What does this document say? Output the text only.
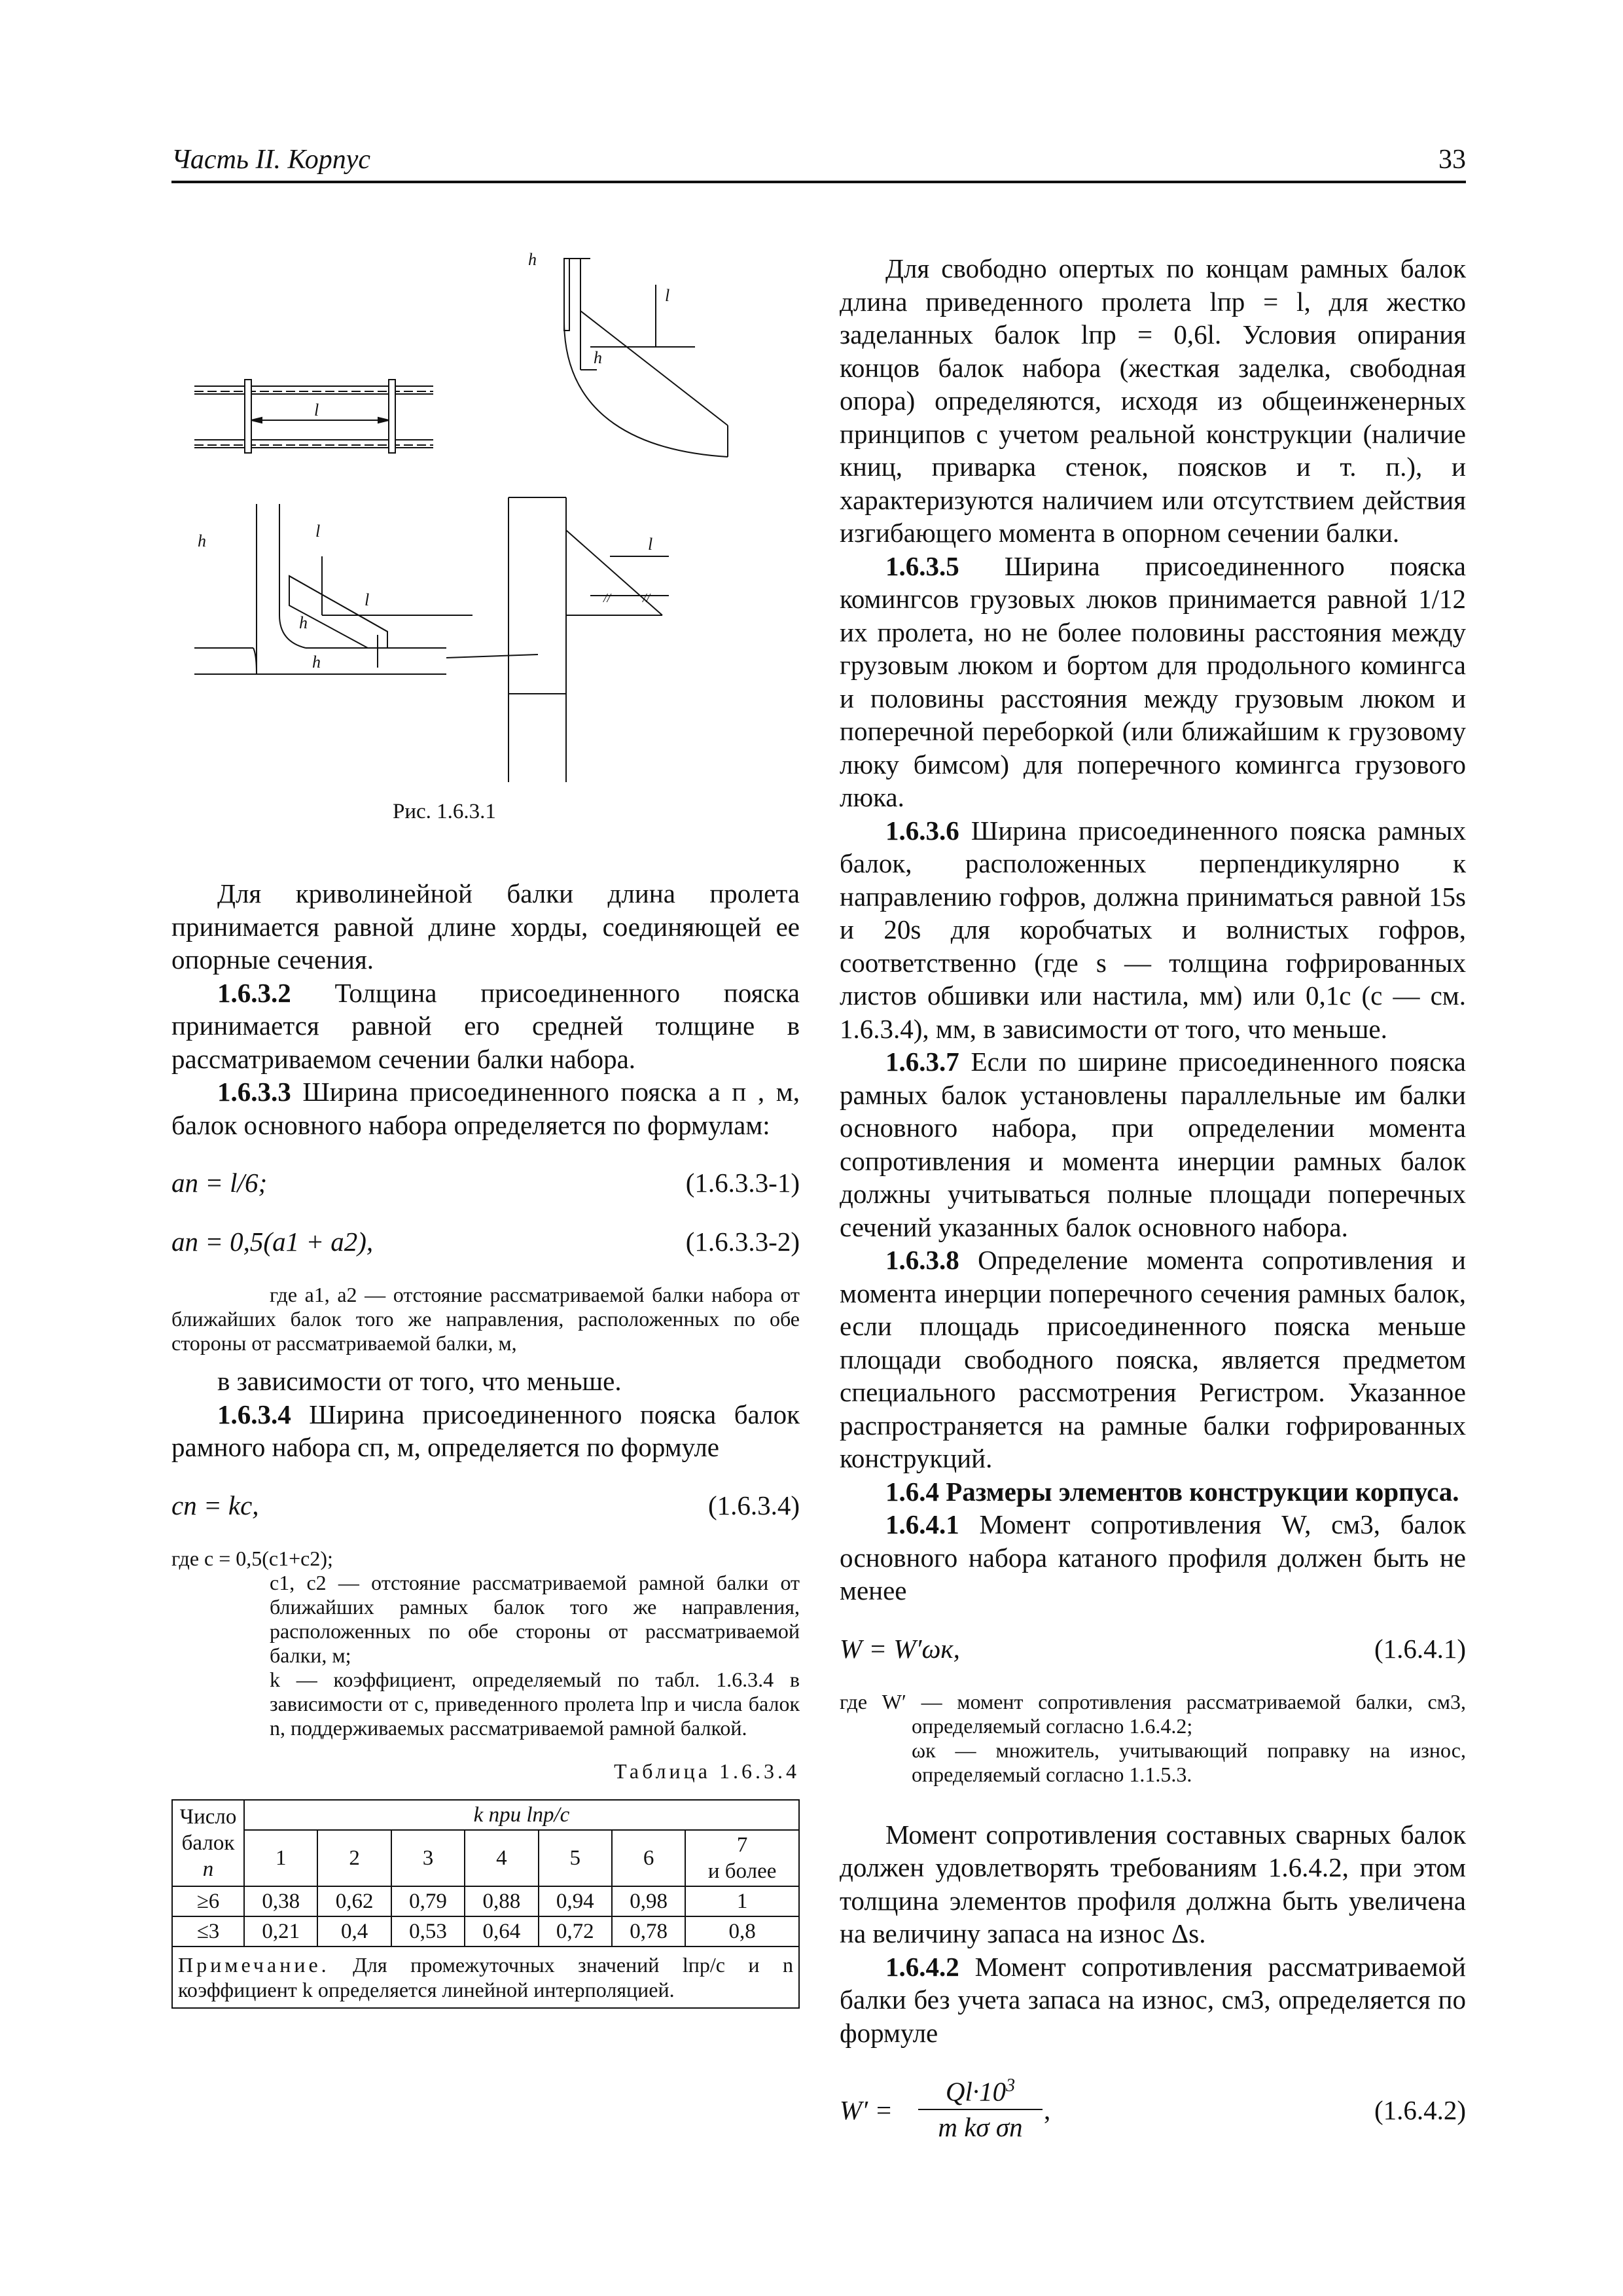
Часть II. Корпус	33
l
h
l
h
h
l
l
h
h
l
// //
Рис. 1.6.3.1

Для криволинейной балки длина пролета принимается равной длине хорды, соединяющей ее опорные сечения.

1.6.3.2 Толщина присоединенного пояска принимается равной его средней толщине в рассматриваемом сечении балки набора.

1.6.3.3 Ширина присоединенного пояска a п , м, балок основного набора определяется по формулам:

aп = l/6;	(1.6.3.3-1)
aп = 0,5(a1 + a2),	(1.6.3.3-2)

где a1, a2 — отстояние рассматриваемой балки набора от ближайших балок того же направления, расположенных по обе стороны от рассматриваемой балки, м,

в зависимости от того, что меньше.

1.6.3.4 Ширина присоединенного пояска балок рамного набора cп, м, определяется по формуле

cп = kc,	(1.6.3.4)

где c = 0,5(c1+c2);

c1, c2 — отстояние рассматриваемой рамной балки от ближайших рамных балок того же направления, расположенных по обе стороны от рассматриваемой балки, м;

k — коэффициент, определяемый по табл. 1.6.3.4 в зависимости от c, приведенного пролета lпр и числа балок n, поддерживаемых рассматриваемой рамной балкой.

Таблица 1.6.3.4
Число
балок
n	k при lпр/c						
	1	2	3	4	5	6	7
и более
≥6	0,38	0,62	0,79	0,88	0,94	0,98	1
≤3	0,21	0,4	0,53	0,64	0,72	0,78	0,8
Примечание. Для промежуточных значений lпр/c и n коэффициент k определяется линейной интерполяцией.							

Для свободно опертых по концам рамных балок длина приведенного пролета lпр = l, для жестко заделанных балок lпр = 0,6l. Условия опирания концов балок набора (жесткая заделка, свободная опора) определяются, исходя из общеинженерных принципов с учетом реальной конструкции (наличие книц, приварка стенок, поясков и т. п.), и характеризуются наличием или отсутствием действия изгибающего момента в опорном сечении балки.

1.6.3.5 Ширина присоединенного пояска комингсов грузовых люков принимается равной 1/12 их пролета, но не более половины расстояния между грузовым люком и бортом для продольного комингса и половины расстояния между грузовым люком и поперечной переборкой (или ближайшим к грузовому люку бимсом) для поперечного комингса грузового люка.

1.6.3.6 Ширина присоединенного пояска рамных балок, расположенных перпендикулярно к направлению гофров, должна приниматься равной 15s и 20s для коробчатых и волнистых гофров, соответственно (где s — толщина гофрированных листов обшивки или настила, мм) или 0,1c (c — см. 1.6.3.4), мм, в зависимости от того, что меньше.

1.6.3.7 Если по ширине присоединенного пояска рамных балок установлены параллельные им балки основного набора, при определении момента сопротивления и момента инерции рамных балок должны учитываться полные площади поперечных сечений указанных балок основного набора.

1.6.3.8 Определение момента сопротивления и момента инерции поперечного сечения рамных балок, если площадь присоединенного пояска меньше площади свободного пояска, является предметом специального рассмотрения Регистром. Указанное распространяется на рамные балки гофрированных конструкций.

1.6.4 Размеры элементов конструкции корпуса.

1.6.4.1 Момент сопротивления W, см3, балок основного набора катаного профиля должен быть не менее

W = W′ωк,	(1.6.4.1)

где W′ — момент сопротивления рассматриваемой балки, см3, определяемый согласно 1.6.4.2;

ωк — множитель, учитывающий поправку на износ, определяемый согласно 1.1.5.3.

Момент сопротивления составных сварных балок должен удовлетворять требованиям 1.6.4.2, при этом толщина элементов профиля должна быть увеличена на величину запаса на износ Δs.

1.6.4.2 Момент сопротивления рассматриваемой балки без учета запаса на износ, см3, определяется по формуле

W′ =
$Ql\cdot 10^3$
m kσ σn
,	(1.6.4.2)
